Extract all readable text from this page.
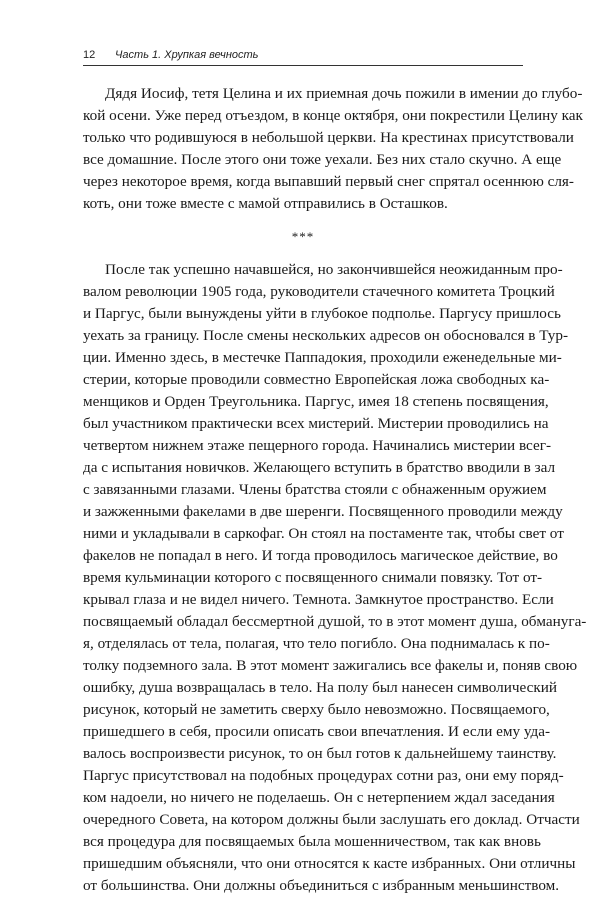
12 Часть 1. Хрупкая вечность
Дядя Иосиф, тетя Целина и их приемная дочь пожили в имении до глубо-
кой осени. Уже перед отъездом, в конце октября, они покрестили Целину как
только что родившуюся в небольшой церкви. На крестинах присутствовали
все домашние. После этого они тоже уехали. Без них стало скучно. А еще
через некоторое время, когда выпавший первый снег спрятал осеннюю сля-
коть, они тоже вместе с мамой отправились в Осташков.
***
После так успешно начавшейся, но закончившейся неожиданным про-
валом революции 1905 года, руководители стачечного комитета Троцкий
и Паргус, были вынуждены уйти в глубокое подполье. Паргусу пришлось
уехать за границу. После смены нескольких адресов он обосновался в Тур-
ции. Именно здесь, в местечке Паппадокия, проходили еженедельные ми-
стерии, которые проводили совместно Европейская ложа свободных ка-
менщиков и Орден Треугольника. Паргус, имея 18 степень посвящения,
был участником практически всех мистерий. Мистерии проводились на
четвертом нижнем этаже пещерного города. Начинались мистерии всег-
да с испытания новичков. Желающего вступить в братство вводили в зал
с завязанными глазами. Члены братства стояли с обнаженным оружием
и зажженными факелами в две шеренги. Посвященного проводили между
ними и укладывали в саркофаг. Он стоял на постаменте так, чтобы свет от
факелов не попадал в него. И тогда проводилось магическое действие, во
время кульминации которого с посвященного снимали повязку. Тот от-
крывал глаза и не видел ничего. Темнота. Замкнутое пространство. Если
посвящаемый обладал бессмертной душой, то в этот момент душа, обмануга-
я, отделялась от тела, полагая, что тело погибло. Она поднималась к по-
толку подземного зала. В этот момент зажигались все факелы и, поняв свою
ошибку, душа возвращалась в тело. На полу был нанесен символический
рисунок, который не заметить сверху было невозможно. Посвящаемого,
пришедшего в себя, просили описать свои впечатления. И если ему уда-
валось воспроизвести рисунок, то он был готов к дальнейшему таинству.
Паргус присутствовал на подобных процедурах сотни раз, они ему поряд-
ком надоели, но ничего не поделаешь. Он с нетерпением ждал заседания
очередного Совета, на котором должны были заслушать его доклад. Отчасти
вся процедура для посвящаемых была мошенничеством, так как вновь
пришедшим объясняли, что они относятся к касте избранных. Они отличны
от большинства. Они должны объединиться с избранным меньшинством.
